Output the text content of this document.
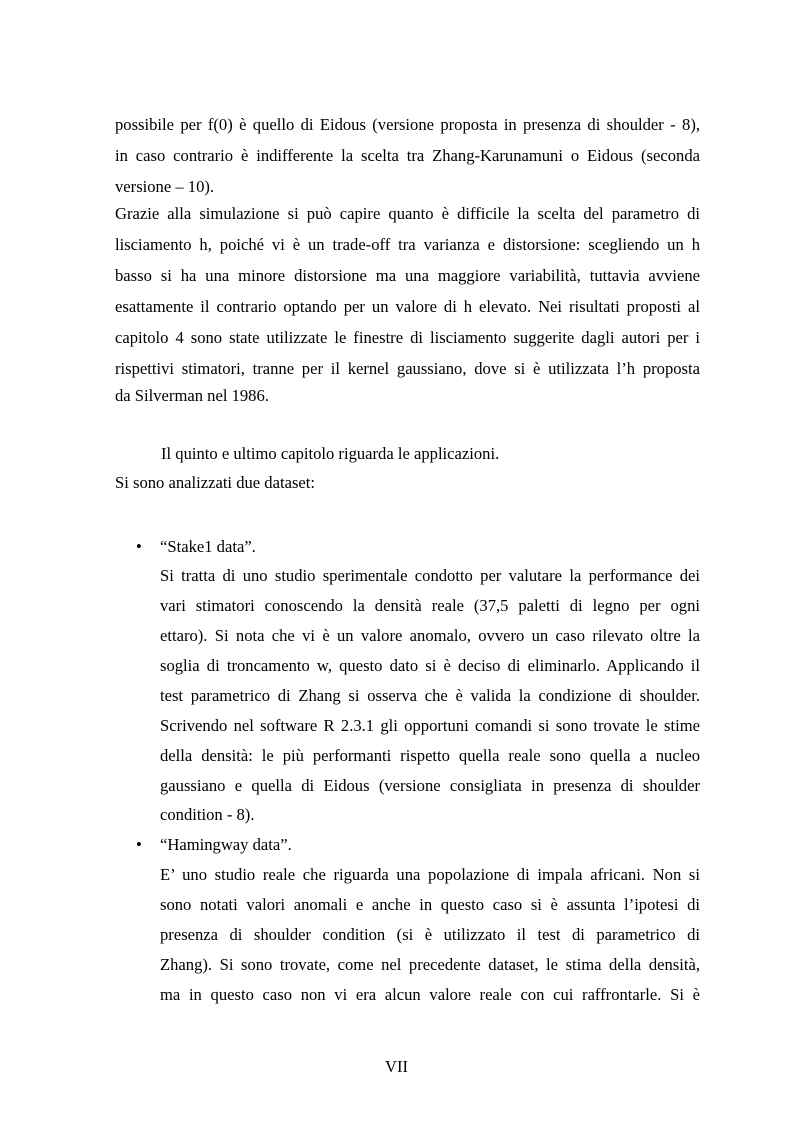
possibile per f(0) è quello di Eidous (versione proposta in presenza di shoulder - 8),
in caso contrario è indifferente la scelta tra Zhang-Karunamuni o Eidous (seconda
versione – 10).
Grazie alla simulazione si può capire quanto è difficile la scelta del parametro di
lisciamento h, poiché vi è un trade-off tra varianza e distorsione: scegliendo un h
basso si ha una minore distorsione ma una maggiore variabilità, tuttavia avviene
esattamente il contrario optando per un valore di h elevato. Nei risultati proposti al
capitolo 4 sono state utilizzate le finestre di lisciamento suggerite dagli autori per i
rispettivi stimatori, tranne per il kernel gaussiano, dove si è utilizzata l’h proposta
da Silverman nel 1986.
Il quinto e ultimo capitolo riguarda le applicazioni.
Si sono analizzati due dataset:
• “Stake1 data”.
Si tratta di uno studio sperimentale condotto per valutare la performance dei
vari stimatori conoscendo la densità reale (37,5 paletti di legno per ogni
ettaro). Si nota che vi è un valore anomalo, ovvero un caso rilevato oltre la
soglia di troncamento w, questo dato si è deciso di eliminarlo. Applicando il
test parametrico di Zhang si osserva che è valida la condizione di shoulder.
Scrivendo nel software R 2.3.1 gli opportuni comandi si sono trovate le stime
della densità: le più performanti rispetto quella reale sono quella a nucleo
gaussiano e quella di Eidous (versione consigliata in presenza di shoulder
condition - 8).
• “Hamingway data”.
E’ uno studio reale che riguarda una popolazione di impala africani. Non si
sono notati valori anomali e anche in questo caso si è assunta l’ipotesi di
presenza di shoulder condition (si è utilizzato il test di parametrico di
Zhang). Si sono trovate, come nel precedente dataset, le stima della densità,
ma in questo caso non vi era alcun valore reale con cui raffrontarle. Si è
VII
